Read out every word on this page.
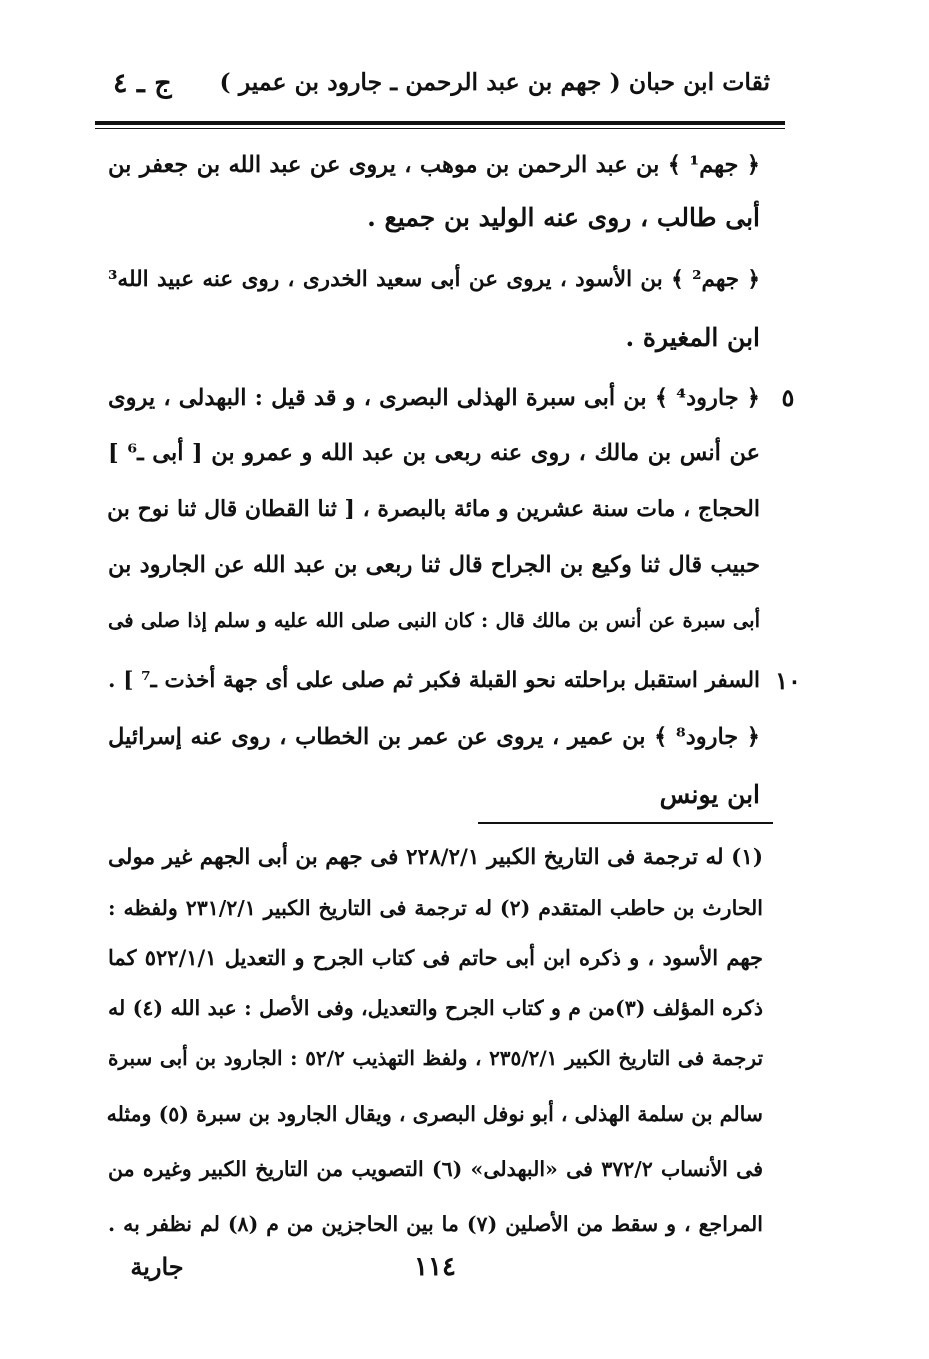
ثقات ابن حبان ( جهم بن عبد الرحمن ـ جارود بن عمير )
ج ـ ٤
﴿ جهم¹ ﴾ بن عبد الرحمن بن موهب ، يروى عن عبد الله بن جعفر بن
أبى طالب ، روى عنه الوليد بن جميع .
﴿ جهم² ﴾ بن الأسود ، يروى عن أبى سعيد الخدرى ، روى عنه عبيد الله³
ابن المغيرة .
٥
﴿ جارود⁴ ﴾ بن أبى سبرة الهذلى البصرى ، و قد قيل : البهدلى ، يروى
عن أنس بن مالك ، روى عنه ربعى بن عبد الله و عمرو بن [ أبى ـ⁶ ]
الحجاج ، مات سنة عشرين و مائة بالبصرة ، [ ثنا القطان قال ثنا نوح بن
حبيب قال ثنا وكيع بن الجراح قال ثنا ربعى بن عبد الله عن الجارود بن
أبى سبرة عن أنس بن مالك قال : كان النبى صلى الله عليه و سلم إذا صلى فى
١٠
السفر استقبل براحلته نحو القبلة فكبر ثم صلى على أى جهة أخذت ـ⁷ ] .
﴿ جارود⁸ ﴾ بن عمير ، يروى عن عمر بن الخطاب ، روى عنه إسرائيل
ابن يونس
(١) له ترجمة فى التاريخ الكبير ٢٢٨/٢/١ فى جهم بن أبى الجهم غير مولى
الحارث بن حاطب المتقدم (٢) له ترجمة فى التاريخ الكبير ٢٣١/٢/١ ولفظه :
جهم الأسود ، و ذكره ابن أبى حاتم فى كتاب الجرح و التعديل ٥٢٢/١/١ كما
ذكره المؤلف (٣)من م و كتاب الجرح والتعديل، وفى الأصل : عبد الله (٤) له
ترجمة فى التاريخ الكبير ٢٣٥/٢/١ ، ولفظ التهذيب ٥٢/٢ : الجارود بن أبى سبرة
سالم بن سلمة الهذلى ، أبو نوفل البصرى ، ويقال الجارود بن سبرة (٥) ومثله
فى الأنساب ٣٧٢/٢ فى «البهدلى» (٦) التصويب من التاريخ الكبير وغيره من
المراجع ، و سقط من الأصلين (٧) ما بين الحاجزين من م (٨) لم نظفر به .
١١٤
جارية
